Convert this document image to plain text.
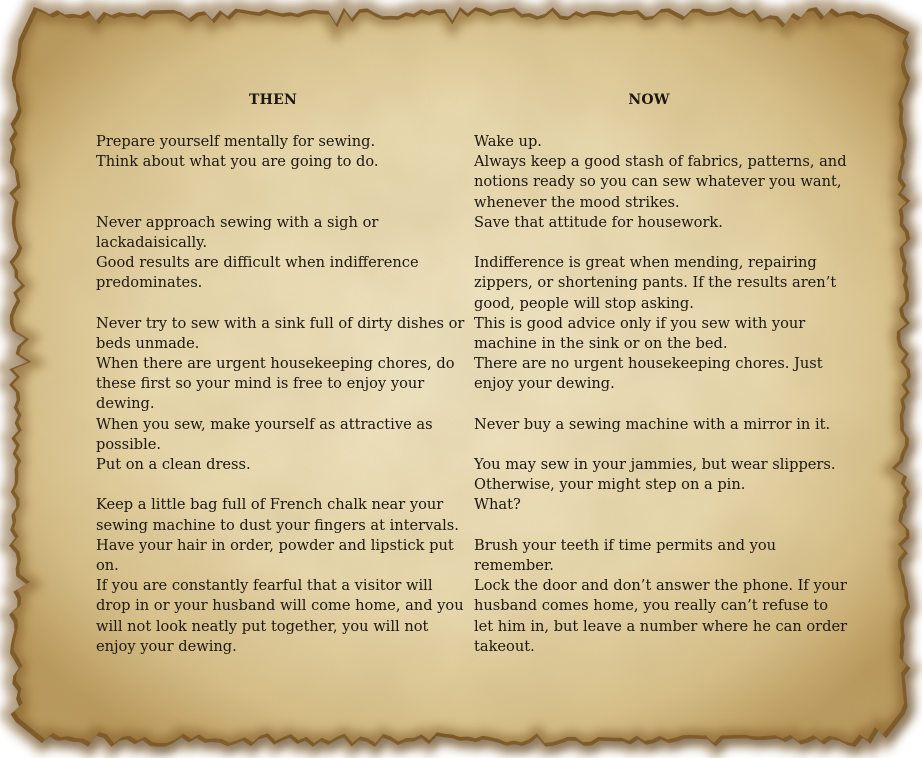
THEN
Prepare yourself mentally for sewing.
Think about what you are going to do.
Never approach sewing with a sigh or
lackadaisically.
Good results are difficult when indifference
predominates.
Never try to sew with a sink full of dirty dishes or
beds unmade.
When there are urgent housekeeping chores, do
these first so your mind is free to enjoy your
dewing.
When you sew, make yourself as attractive as
possible.
Put on a clean dress.
Keep a little bag full of French chalk near your
sewing machine to dust your fingers at intervals.
Have your hair in order, powder and lipstick put
on.
If you are constantly fearful that a visitor will
drop in or your husband will come home, and you
will not look neatly put together, you will not
enjoy your dewing.
NOW
Wake up.
Always keep a good stash of fabrics, patterns, and
notions ready so you can sew whatever you want,
whenever the mood strikes.
Save that attitude for housework.
Indifference is great when mending, repairing
zippers, or shortening pants. If the results aren’t
good, people will stop asking.
This is good advice only if you sew with your
machine in the sink or on the bed.
There are no urgent housekeeping chores. Just
enjoy your dewing.
Never buy a sewing machine with a mirror in it.
You may sew in your jammies, but wear slippers.
Otherwise, your might step on a pin.
What?
Brush your teeth if time permits and you
remember.
Lock the door and don’t answer the phone. If your
husband comes home, you really can’t refuse to
let him in, but leave a number where he can order
takeout.
